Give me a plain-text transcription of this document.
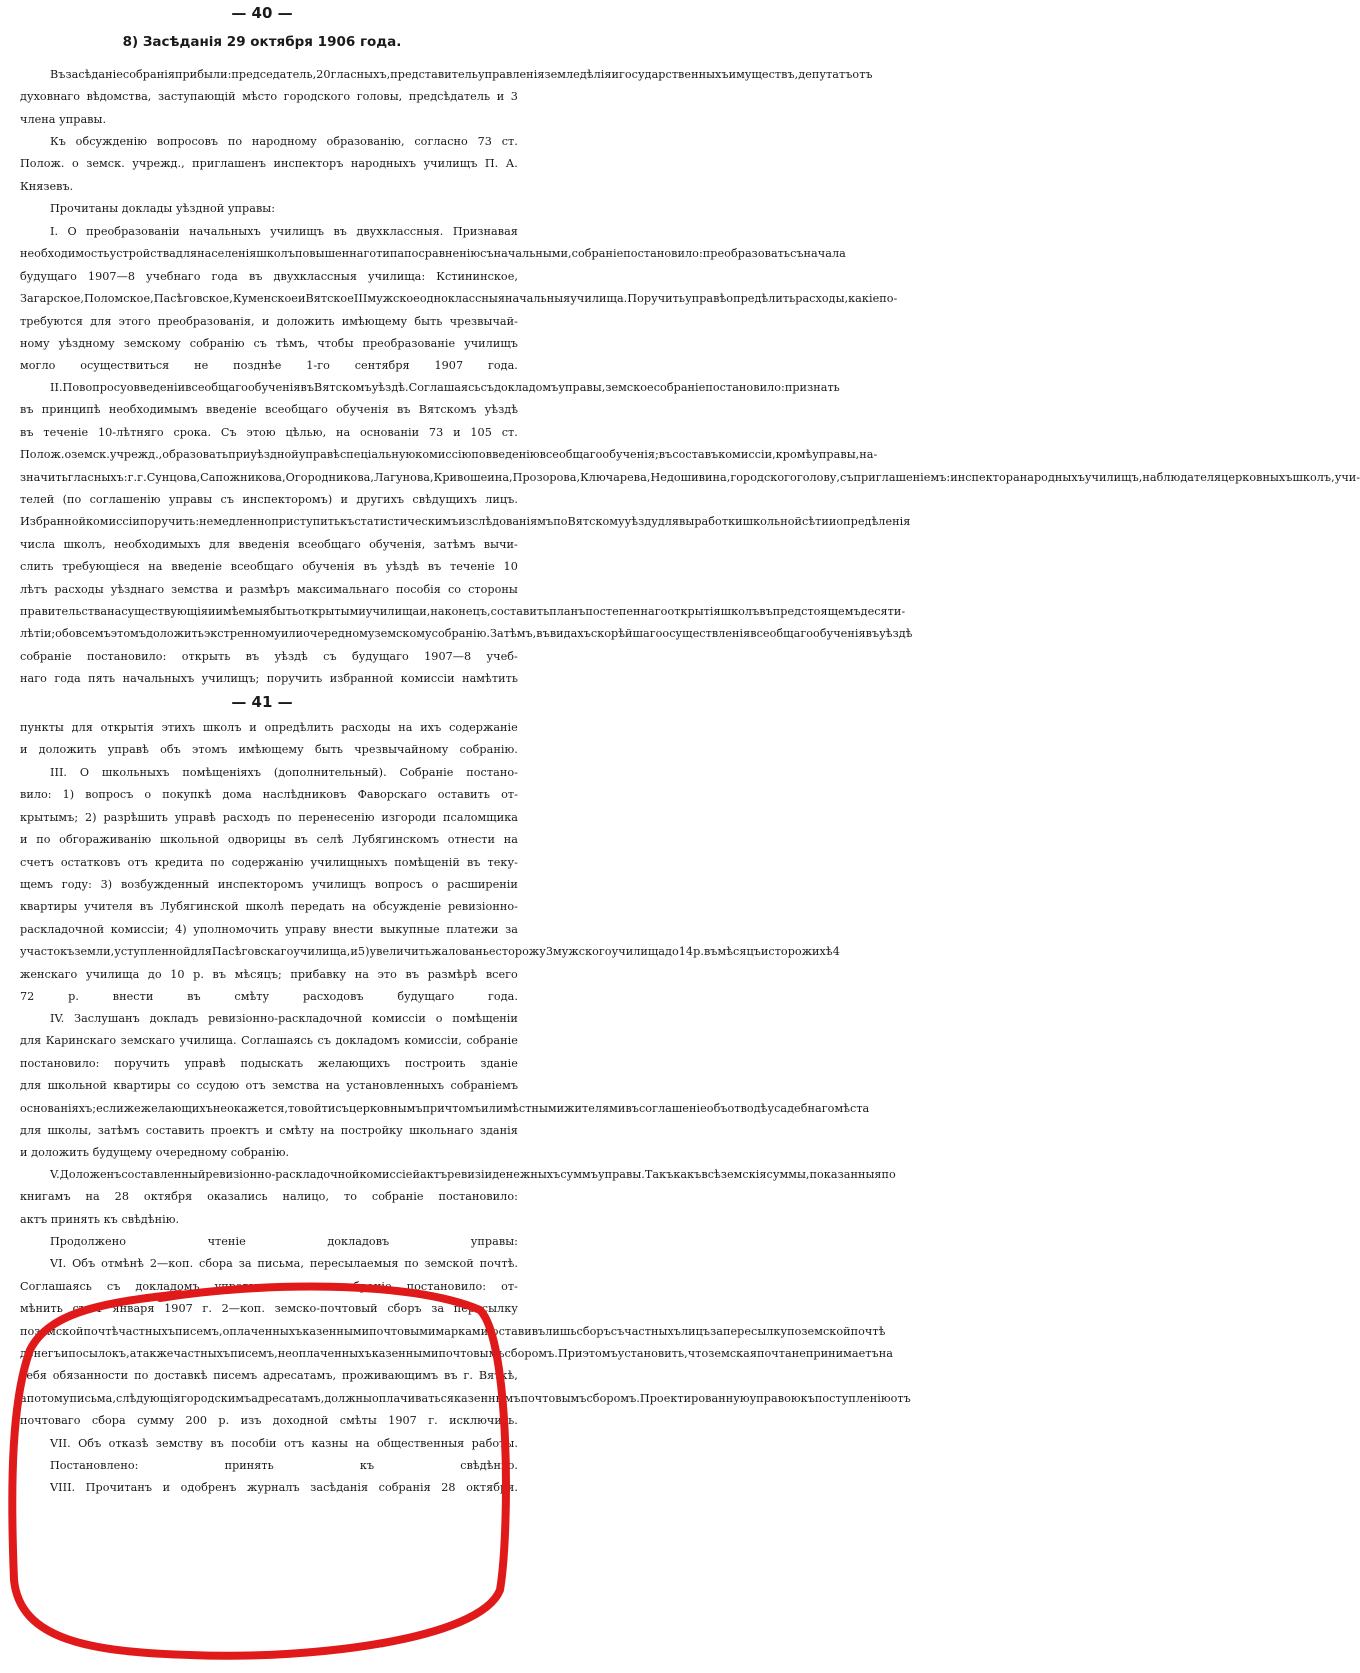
— 40 —
8) Засѣданія 29 октября 1906 года.
Въ засѣданіе собранія прибыли: председатель, 20 гласныхъ, представитель управленія земледѣлія и государственныхъ имуществъ, депутатъ отъ
духовнаго вѣдомства, заступающій мѣсто городского головы, предсѣдатель и 3
члена управы.
Къ обсужденію вопросовъ по народному образованію, согласно 73 ст.
Полож. о земск. учрежд., приглашенъ инспекторъ народныхъ училищъ П. А.
Князевъ.
Прочитаны доклады уѣздной управы:
I. О преобразованіи начальныхъ училищъ въ двухклассныя. Признавая
необходимость устройства для населенія школъ повышеннаго типа по сравненію съ начальными, собраніе постановило: преобразовать съ начала
будущаго 1907—8 учебнаго года въ двухклассныя училища: Кстининское,
Загарское, Поломское, Пасѣговское, Куменское и Вятское III мужское одноклассныя начальныя училища. Поручить управѣ опредѣлить расходы, какіе по-
требуются для этого преобразованія, и доложить имѣющему быть чрезвычай-
ному уѣздному земскому собранію съ тѣмъ, чтобы преобразованіе училищъ
могло осуществиться не позднѣе 1-го сентября 1907 года.
II. По вопросу о введеніи всеобщаго обученія въ Вятскомъ уѣздѣ. Соглашаясь съ докладомъ управы, земское собраніе постановило: признать
въ принципѣ необходимымъ введеніе всеобщаго обученія въ Вятскомъ уѣздѣ
въ теченіе 10-лѣтняго срока. Съ этою цѣлью, на основаніи 73 и 105 ст.
Полож. о земск. учрежд., образовать при уѣздной управѣ спеціальную комиссію по введенію всеобщаго обученія; въ составъ комиссіи, кромѣ управы, на-
значить гласныхъ: г.г. Сунцова, Сапожникова, Огородникова, Лагунова, Кривошеина, Прозорова, Ключарева, Недошивина, городского голову, съ приглашеніемъ: инспектора народныхъ училищъ, наблюдателя церковныхъ школъ, учи-
телей (по соглашенію управы съ инспекторомъ) и другихъ свѣдущихъ лицъ.
Избранной комиссіи поручить: немедленно приступить къ статистическимъ изслѣдованіямъ по Вятскому уѣзду для выработки школьной сѣти и опредѣленія
числа школъ, необходимыхъ для введенія всеобщаго обученія, затѣмъ вычи-
слить требующіеся на введеніе всеобщаго обученія въ уѣздѣ въ теченіе 10
лѣтъ расходы уѣзднаго земства и размѣръ максимальнаго пособія со стороны
правительства на существующія и имѣемыя быть открытыми училища и, наконецъ, составить планъ постепеннаго открытія школъ въ предстоящемъ десяти-
лѣтіи; обо всемъ этомъ доложить экстренному или очередному земскому собранію. Затѣмъ, въ видахъ скорѣйшаго осуществленія всеобщаго обученія въ уѣздѣ
собраніе постановило: открыть въ уѣздѣ съ будущаго 1907—8 учеб-
наго года пять начальныхъ училищъ; поручить избранной комиссіи намѣтить
— 41 —
пункты для открытія этихъ школъ и опредѣлить расходы на ихъ содержаніе
и доложить управѣ объ этомъ имѣющему быть чрезвычайному собранію.
III. О школьныхъ помѣщеніяхъ (дополнительный). Собраніе постано-
вило: 1) вопросъ о покупкѣ дома наслѣдниковъ Фаворскаго оставить от-
крытымъ; 2) разрѣшить управѣ расходъ по перенесенію изгороди псаломщика
и по обгораживанію школьной одворицы въ селѣ Лубягинскомъ отнести на
счетъ остатковъ отъ кредита по содержанію училищныхъ помѣщеній въ теку-
щемъ году: 3) возбужденный инспекторомъ училищъ вопросъ о расширеніи
квартиры учителя въ Лубягинской школѣ передать на обсужденіе ревизіонно-
раскладочной комиссіи; 4) уполномочить управу внести выкупные платежи за
участокъ земли, уступленной для Пасѣговскаго училища, и 5) увеличить жалованье сторожу 3 мужского училища до 14 р. въ мѣсяцъ и сторожихѣ 4
женскаго училища до 10 р. въ мѣсяцъ; прибавку на это въ размѣрѣ всего
72	р.	внести	въ	смѣту	расходовъ	будущаго	года.
IV. Заслушанъ докладъ ревизіонно-раскладочной комиссіи о помѣщеніи
для Каринскаго земскаго училища. Соглашаясь съ докладомъ комиссіи, собраніе
постановило: поручить управѣ подыскать желающихъ построить зданіе
для школьной квартиры со ссудою отъ земства на установленныхъ собраніемъ
основаніяхъ; если же желающихъ не окажется, то войти съ церковнымъ причтомъ или мѣстными жителями въ соглашеніе объ отводѣ усадебнаго мѣста
для школы, затѣмъ составить проектъ и смѣту на постройку школьнаго зданія
и доложить будущему очередному собранію.
V. Доложенъ составленный ревизіонно-раскладочной комиссіей актъ ревизіи денежныхъ суммъ управы. Такъ какъ всѣ земскія суммы, показанныя по
книгамъ на 28 октября оказались налицо, то собраніе постановило:
актъ принять къ свѣдѣнію.
Продолжено	чтеніе	докладовъ	управы:
VI. Объ отмѣнѣ 2—коп. сбора за письма, пересылаемыя по земской почтѣ.
Соглашаясь съ докладомъ управы, земское собраніе постановило: от-
мѣнить съ 1 января 1907 г. 2—коп. земско-почтовый сборъ за пересылку
по земской почтѣ частныхъ писемъ, оплаченныхъ казенными почтовыми марками, оставивъ лишь сборъ съ частныхъ лицъ за пересылку по земской почтѣ
денегъ и посылокъ, а также частныхъ писемъ, не оплаченныхъ казенными почтовымъ сборомъ. При этомъ установить, что земская почта не принимаетъ на
себя обязанности по доставкѣ писемъ адресатамъ, проживающимъ въ г. Вяткѣ,
а потому письма, слѣдующія городскимъ адресатамъ, должны оплачиваться казеннымъ почтовымъ сборомъ. Проектированную управою къ поступленію отъ
почтоваго сбора сумму 200 р. изъ доходной смѣты 1907 г. исключить.
VII. Объ отказѣ земству въ пособіи отъ казны на общественныя работы.
Постановлено:	принять	къ	свѣдѣнію.
VIII. Прочитанъ и одобренъ журналъ засѣданія собранія 28 октября.
